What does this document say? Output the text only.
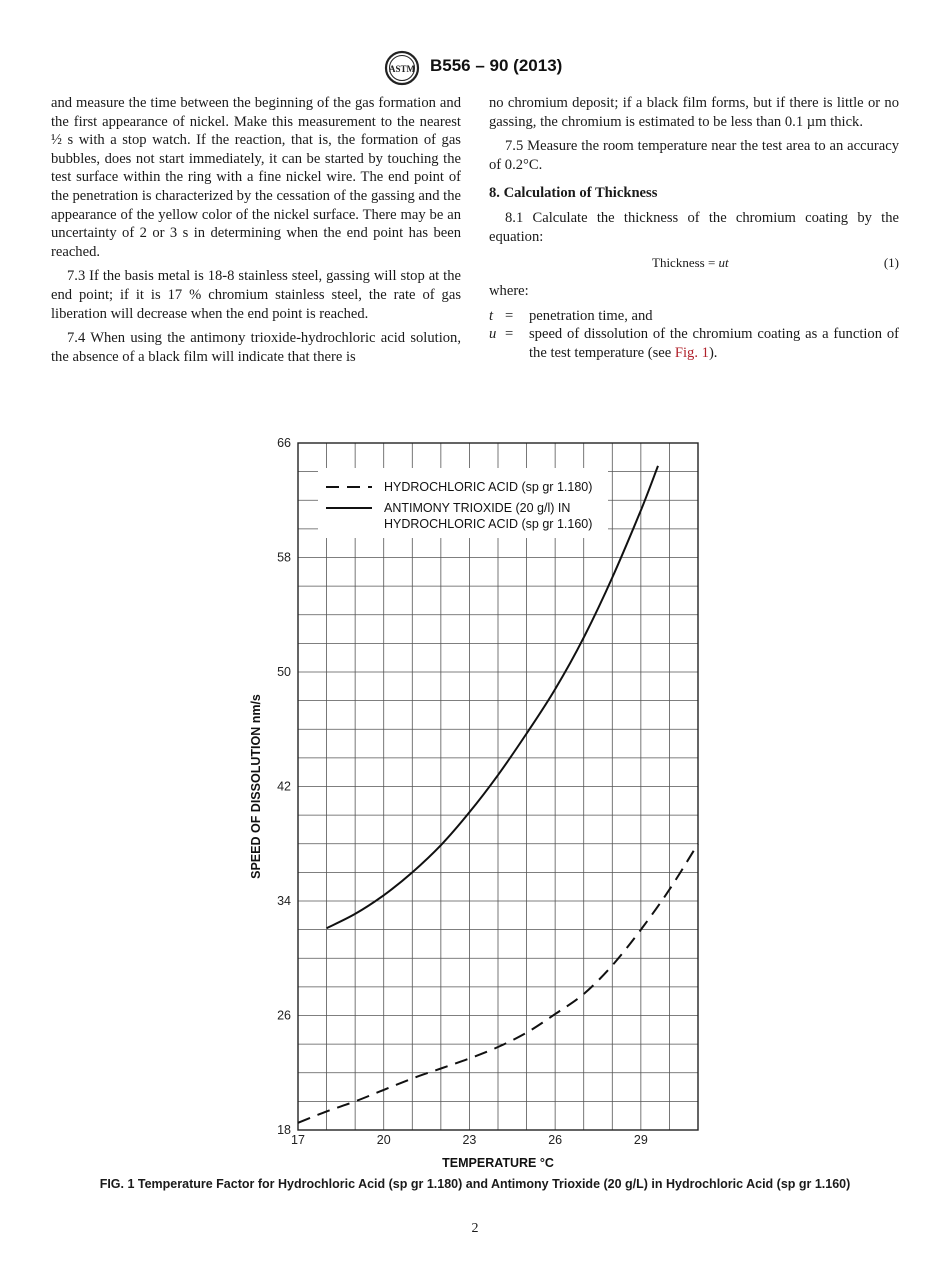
ASTM B556 – 90 (2013)

and measure the time between the beginning of the gas formation and the first appearance of nickel. Make this measurement to the nearest ½ s with a stop watch. If the reaction, that is, the formation of gas bubbles, does not start immediately, it can be started by touching the test surface within the ring with a fine nickel wire. The end point of the penetration is characterized by the cessation of the gassing and the appearance of the yellow color of the nickel surface. There may be an uncertainty of 2 or 3 s in determining when the end point has been reached.

7.3 If the basis metal is 18-8 stainless steel, gassing will stop at the end point; if it is 17 % chromium stainless steel, the rate of gas liberation will decrease when the end point is reached.

7.4 When using the antimony trioxide-hydrochloric acid solution, the absence of a black film will indicate that there is

no chromium deposit; if a black film forms, but if there is little or no gassing, the chromium is estimated to be less than 0.1 µm thick.

7.5 Measure the room temperature near the test area to an accuracy of 0.2°C.

8. Calculation of Thickness

8.1 Calculate the thickness of the chromium coating by the equation:

Thickness = ut	(1)

where:

t =	penetration time, and
u =	speed of dissolution of the chromium coating as a function of the test temperature (see Fig. 1).
18
26
34
42
50
58
66
17	20	23	26	29
TEMPERATURE °C
SPEED OF DISSOLUTION nm/s
HYDROCHLORIC ACID (sp gr 1.180)
ANTIMONY TRIOXIDE (20 g/l) IN
HYDROCHLORIC ACID (sp gr 1.160)
FIG. 1 Temperature Factor for Hydrochloric Acid (sp gr 1.180) and Antimony Trioxide (20 g/L) in Hydrochloric Acid (sp gr 1.160)
2
